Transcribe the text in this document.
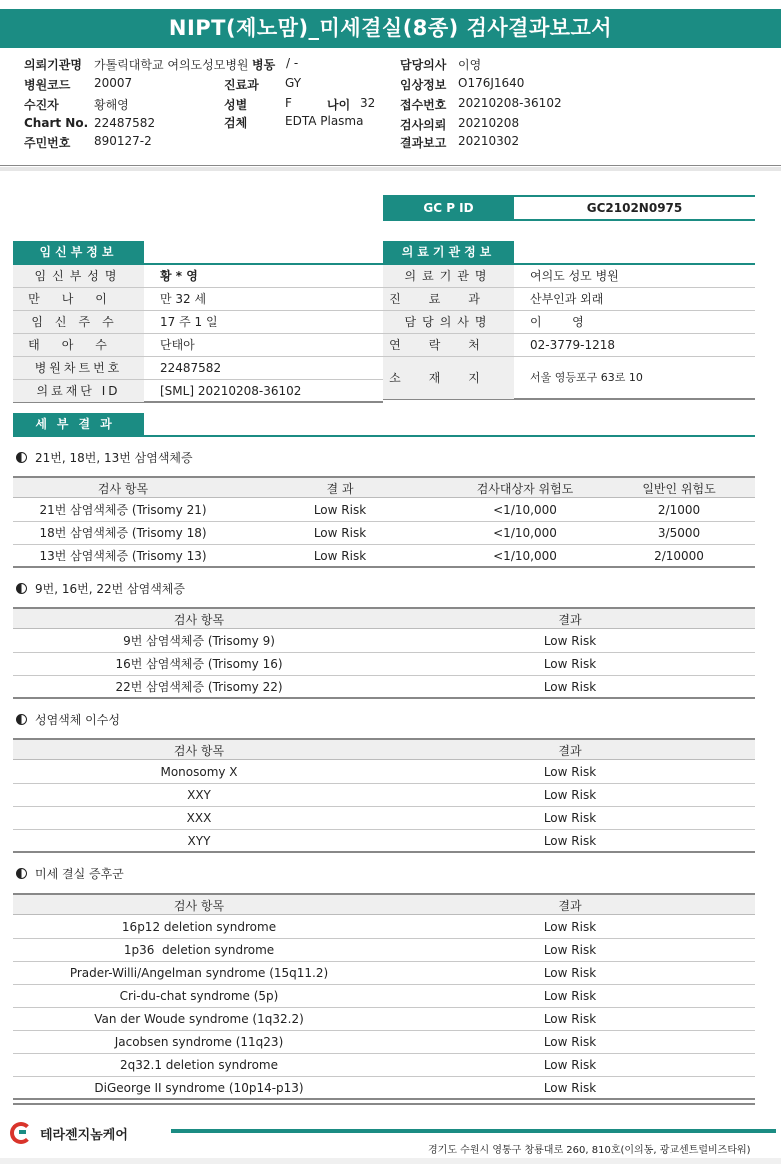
NIPT(제노맘)_미세결실(8종) 검사결과보고서
의뢰기관명 가톨릭대학교 여의도성모병원
병원코드 20007
수진자	황해영
Chart No. 22487582
주민번호 890127-2
병동 / -
진료과 GY
성별	F	나이 32
검체	EDTA Plasma
담당의사 이영
임상정보 O176J1640
접수번호 20210208-36102
검사의뢰 20210208
결과보고 20210302
GC P ID	GC2102N0975
임신부정보
임신부성명	황 * 영
만나이	만 32 세
임신주수	17 주 1 일
태아수	단태아
병원차트번호	22487582
의료재단 ID	[SML] 20210208-36102
의료기관정보
의료기관명	여의도 성모 병원
진료과	산부인과 외래
담당의사명	이        영
연락처	02-3779-1218
소재지	서울 영등포구 63로 10
세부결과
21번, 18번, 13번 삼염색체증
검사 항목	결 과	검사대상자 위험도	일반인 위험도
21번 삼염색체증 (Trisomy 21)	Low Risk	<1/10,000	2/1000
18번 삼염색체증 (Trisomy 18)	Low Risk	<1/10,000	3/5000
13번 삼염색체증 (Trisomy 13)	Low Risk	<1/10,000	2/10000
9번, 16번, 22번 삼염색체증
검사 항목	결과
9번 삼염색체증 (Trisomy 9)	Low Risk
16번 삼염색체증 (Trisomy 16)	Low Risk
22번 삼염색체증 (Trisomy 22)	Low Risk
성염색체 이수성
검사 항목	결과
Monosomy X	Low Risk
XXY	Low Risk
XXX	Low Risk
XYY	Low Risk
미세 결실 증후군
검사 항목	결과
16p12 deletion syndrome	Low Risk
1p36  deletion syndrome	Low Risk
Prader-Willi/Angelman syndrome (15q11.2)	Low Risk
Cri-du-chat syndrome (5p)	Low Risk
Van der Woude syndrome (1q32.2)	Low Risk
Jacobsen syndrome (11q23)	Low Risk
2q32.1 deletion syndrome	Low Risk
DiGeorge II syndrome (10p14-p13)	Low Risk
테라젠지놈케어
경기도 수원시 영통구 창룡대로 260, 810호(이의동, 광교센트럴비즈타워)
